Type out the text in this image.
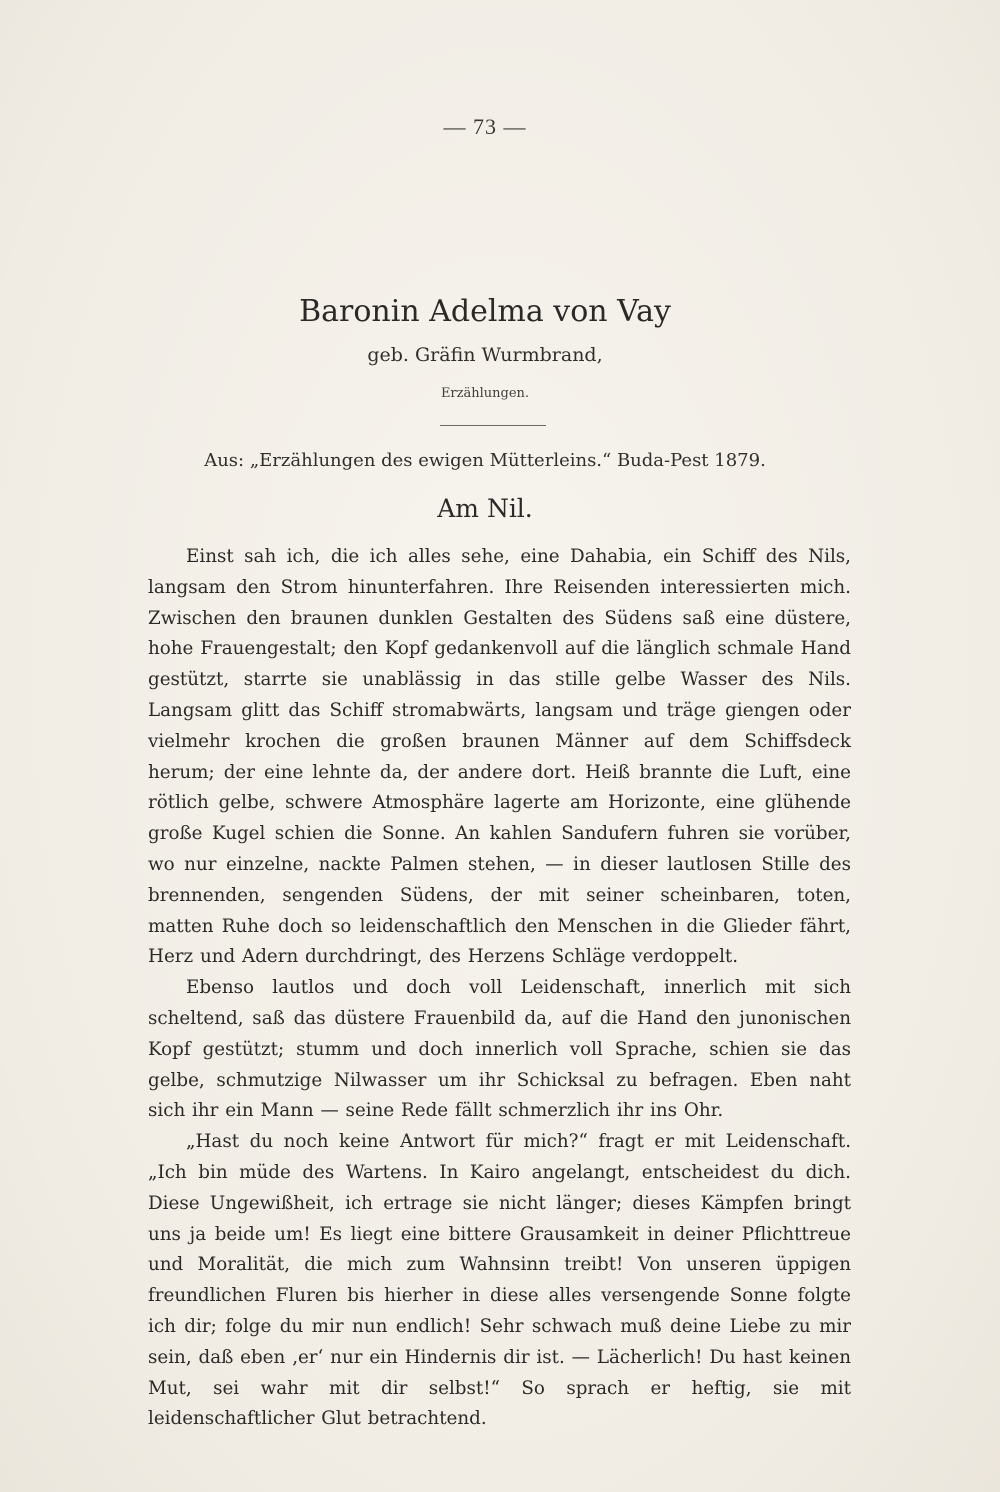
— 73 —
Baronin Adelma von Vay
geb. Gräfin Wurmbrand,
Erzählungen.
Aus: „Erzählungen des ewigen Mütterleins.“ Buda-Pest 1879.
Am Nil.

Einst sah ich, die ich alles sehe, eine Dahabia, ein Schiff des Nils, langsam den Strom hinunterfahren. Ihre Reisenden interessierten mich. Zwischen den braunen dunklen Gestalten des Südens saß eine düstere, hohe Frauengestalt; den Kopf gedankenvoll auf die länglich schmale Hand gestützt, starrte sie unablässig in das stille gelbe Wasser des Nils. Langsam glitt das Schiff stromabwärts, langsam und träge giengen oder vielmehr krochen die großen braunen Männer auf dem Schiffsdeck herum; der eine lehnte da, der andere dort. Heiß brannte die Luft, eine rötlich gelbe, schwere Atmosphäre lagerte am Horizonte, eine glühende große Kugel schien die Sonne. An kahlen Sandufern fuhren sie vorüber, wo nur einzelne, nackte Palmen stehen, — in dieser lautlosen Stille des brennenden, sengenden Südens, der mit seiner scheinbaren, toten, matten Ruhe doch so leidenschaftlich den Menschen in die Glieder fährt, Herz und Adern durchdringt, des Herzens Schläge verdoppelt.

Ebenso lautlos und doch voll Leidenschaft, innerlich mit sich scheltend, saß das düstere Frauenbild da, auf die Hand den junonischen Kopf gestützt; stumm und doch innerlich voll Sprache, schien sie das gelbe, schmutzige Nilwasser um ihr Schicksal zu befragen. Eben naht sich ihr ein Mann — seine Rede fällt schmerzlich ihr ins Ohr.

„Hast du noch keine Antwort für mich?“ fragt er mit Leidenschaft. „Ich bin müde des Wartens. In Kairo angelangt, entscheidest du dich. Diese Ungewißheit, ich ertrage sie nicht länger; dieses Kämpfen bringt uns ja beide um! Es liegt eine bittere Grausamkeit in deiner Pflichttreue und Moralität, die mich zum Wahnsinn treibt! Von unseren üppigen freundlichen Fluren bis hierher in diese alles versengende Sonne folgte ich dir; folge du mir nun endlich! Sehr schwach muß deine Liebe zu mir sein, daß eben ‚er‘ nur ein Hindernis dir ist. — Lächerlich! Du hast keinen Mut, sei wahr mit dir selbst!“ So sprach er heftig, sie mit leidenschaftlicher Glut betrachtend.
